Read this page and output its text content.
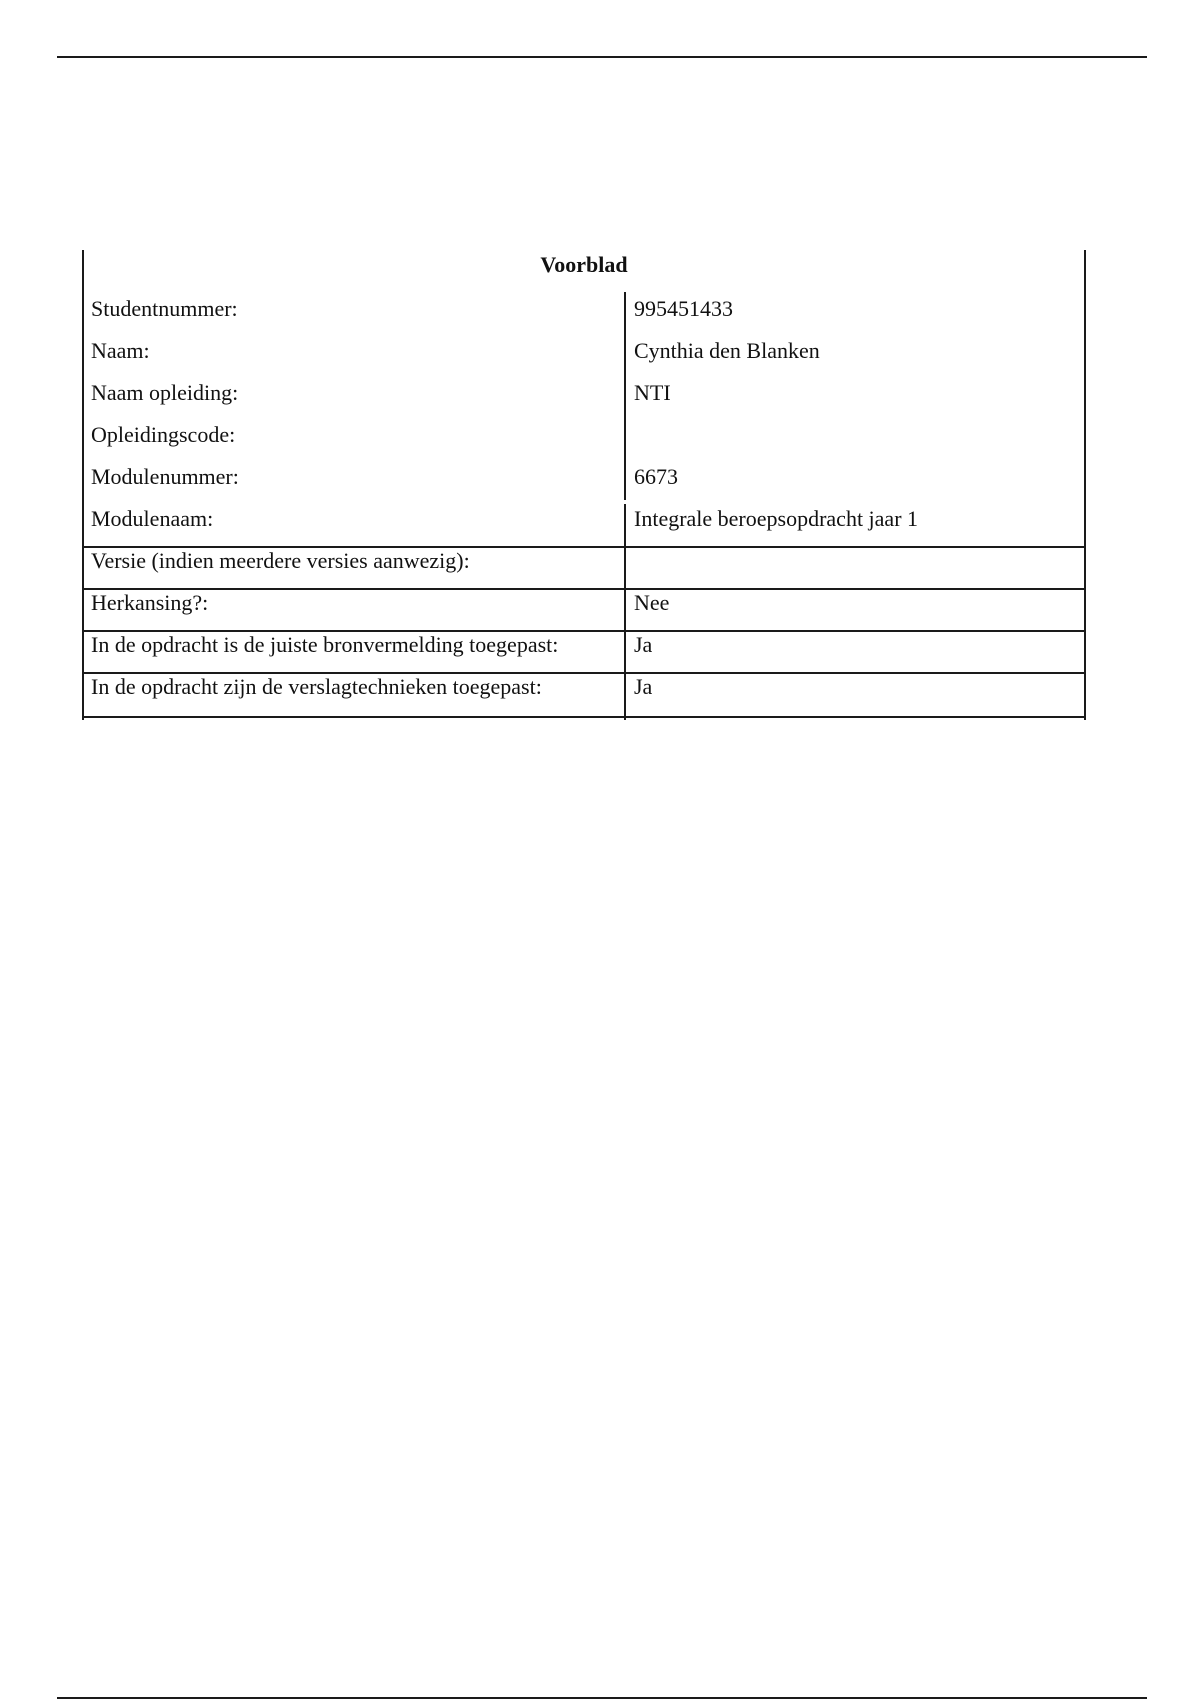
Voorblad
Studentnummer:	995451433
Naam:	Cynthia den Blanken
Naam opleiding:	NTI
Opleidingscode:
Modulenummer:	6673
Modulenaam:	Integrale beroepsopdracht jaar 1
Versie (indien meerdere versies aanwezig):
Herkansing?:	Nee
In de opdracht is de juiste bronvermelding toegepast:	Ja
In de opdracht zijn de verslagtechnieken toegepast:	Ja
